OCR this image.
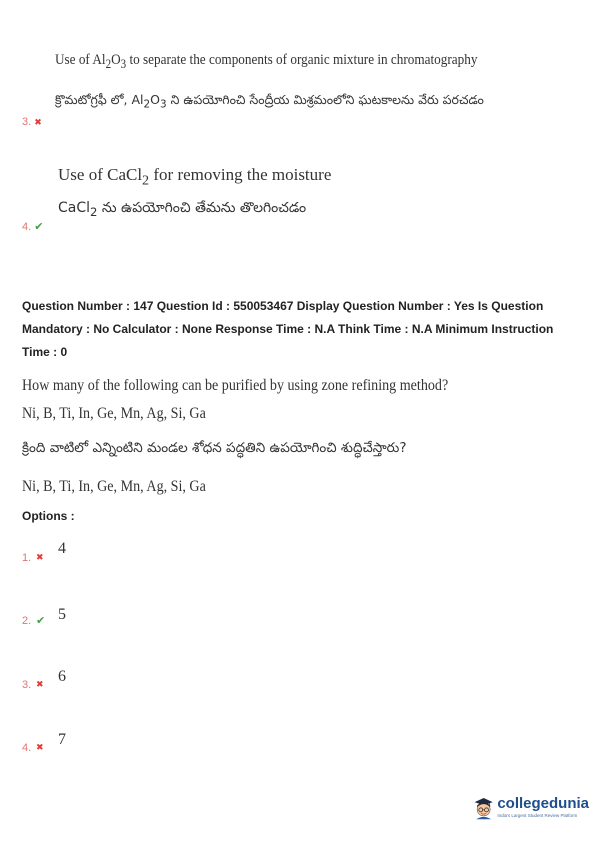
Use of $Al_2O_3$ to separate the components of organic mixture in chromatography
క్రొమటోగ్రఫీ లో, $Al_2O_3$ ని ఉపయోగించి సేంద్రీయ మిశ్రమంలోని ఘటకాలను వేరు పరచడం
3. ✖
Use of CaCl$_2$ for removing the moisture
CaCl$_2$ ను ఉపయోగించి తేమను తొలగించడం
4. ✔
Question Number : 147 Question Id : 550053467 Display Question Number : Yes Is Question
Mandatory : No Calculator : None Response Time : N.A Think Time : N.A Minimum Instruction
Time : 0
How many of the following can be purified by using zone refining method?
Ni, B, Ti, In, Ge, Mn, Ag, Si, Ga
క్రింది వాటిలో ఎన్నింటిని మండల శోధన పద్ధతిని ఉపయోగించి శుద్ధిచేస్తారు?
Ni, B, Ti, In, Ge, Mn, Ag, Si, Ga
Options :
1. ✖ 4
2. ✔ 5
3. ✖ 6
4. ✖ 7
collegedunia
India's Largest Student Review Platform
